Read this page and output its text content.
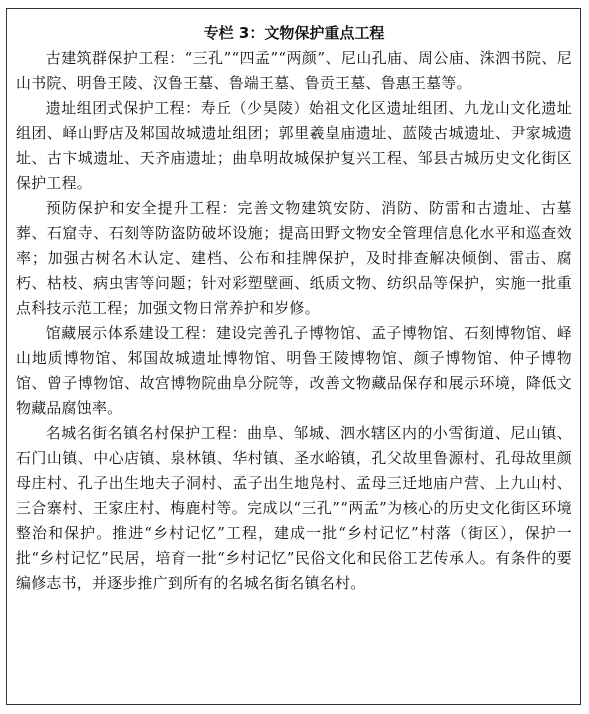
专栏 3：文物保护重点工程

古建筑群保护工程：“三孔”“四孟”“两颜”、尼山孔庙、周公庙、洙泗书院、尼山书院、明鲁王陵、汉鲁王墓、鲁端王墓、鲁贡王墓、鲁惠王墓等。

遗址组团式保护工程：寿丘（少昊陵）始祖文化区遗址组团、九龙山文化遗址组团、峄山野店及邾国故城遗址组团；郭里羲皇庙遗址、蓝陵古城遗址、尹家城遗址、古卞城遗址、天齐庙遗址；曲阜明故城保护复兴工程、邹县古城历史文化街区保护工程。

预防保护和安全提升工程：完善文物建筑安防、消防、防雷和古遗址、古墓葬、石窟寺、石刻等防盗防破坏设施；提高田野文物安全管理信息化水平和巡查效率；加强古树名木认定、建档、公布和挂牌保护，及时排查解决倾倒、雷击、腐朽、枯枝、病虫害等问题；针对彩塑壁画、纸质文物、纺织品等保护，实施一批重点科技示范工程；加强文物日常养护和岁修。

馆藏展示体系建设工程：建设完善孔子博物馆、孟子博物馆、石刻博物馆、峄山地质博物馆、邾国故城遗址博物馆、明鲁王陵博物馆、颜子博物馆、仲子博物馆、曾子博物馆、故宫博物院曲阜分院等，改善文物藏品保存和展示环境，降低文物藏品腐蚀率。

名城名街名镇名村保护工程：曲阜、邹城、泗水辖区内的小雪街道、尼山镇、石门山镇、中心店镇、泉林镇、华村镇、圣水峪镇，孔父故里鲁源村、孔母故里颜母庄村、孔子出生地夫子洞村、孟子出生地凫村、孟母三迁地庙户营、上九山村、三合寨村、王家庄村、梅鹿村等。完成以“三孔”“两孟”为核心的历史文化街区环境整治和保护。推进“乡村记忆”工程，建成一批“乡村记忆”村落（街区），保护一批“乡村记忆”民居，培育一批“乡村记忆”民俗文化和民俗工艺传承人。有条件的要编修志书，并逐步推广到所有的名城名街名镇名村。
